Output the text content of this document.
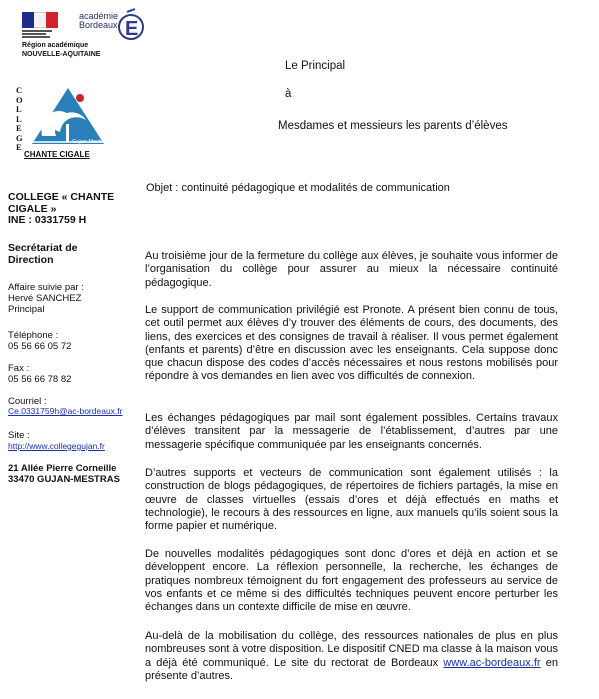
académie
Bordeaux E
Région académique
NOUVELLE-AQUITAINE
Gujan-Mestras
COLLEGE
CHANTE CIGALE
Le Principal
à
Mesdames et messieurs les parents d’élèves
Objet : continuité pédagogique et modalités de communication
COLLEGE « CHANTE CIGALE »
INE : 0331759 H
Secrétariat de Direction
Affaire suivie par :
Hervé SANCHEZ
Principal
Téléphone :
05 56 66 05 72
Fax :
05 56 66 78 82
Courriel :
Ce.0331759h@ac-bordeaux.fr
Site :
http://www.collegegujan.fr
21 Allée Pierre Corneille
33470 GUJAN-MESTRAS
Au troisième jour de la fermeture du collège aux élèves, je souhaite vous informer de l’organisation du collège pour assurer au mieux la nécessaire continuité pédagogique.
Le support de communication privilégié est Pronote. A présent bien connu de tous, cet outil permet aux élèves d’y trouver des éléments de cours, des documents, des liens, des exercices et des consignes de travail à réaliser. Il vous permet également (enfants et parents) d’être en discussion avec les enseignants. Cela suppose donc que chacun dispose des codes d’accès nécessaires et nous restons mobilisés pour répondre à vos demandes en lien avec vos difficultés de connexion.
Les échanges pédagogiques par mail sont également possibles. Certains travaux d’élèves transitent par la messagerie de l’établissement, d’autres par une messagerie spécifique communiquée par les enseignants concernés.
D’autres supports et vecteurs de communication sont également utilisés : la construction de blogs pédagogiques, de répertoires de fichiers partagés, la mise en œuvre de classes virtuelles (essais d’ores et déjà effectués en maths et technologie), le recours à des ressources en ligne, aux manuels qu’ils soient sous la forme papier et numérique.
De nouvelles modalités pédagogiques sont donc d’ores et déjà en action et se développent encore. La réflexion personnelle, la recherche, les échanges de pratiques nombreux témoignent du fort engagement des professeurs au service de vos enfants et ce même si des difficultés techniques peuvent encore perturber les échanges dans un contexte difficile de mise en œuvre.
Au-delà de la mobilisation du collège, des ressources nationales de plus en plus nombreuses sont à votre disposition. Le dispositif CNED ma classe à la maison vous a déjà été communiqué. Le site du rectorat de Bordeaux www.ac-bordeaux.fr en présente d’autres.
